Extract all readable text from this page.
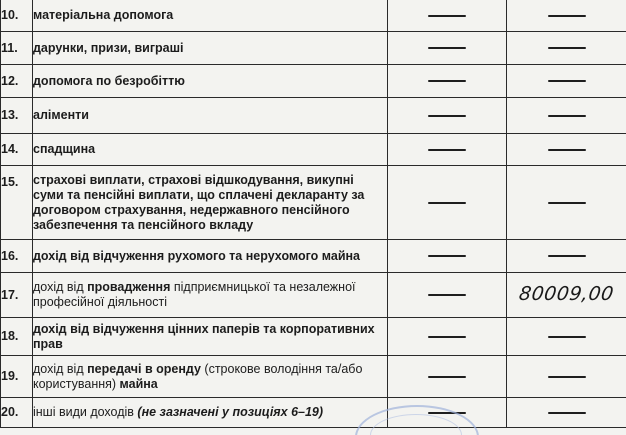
10.	матеріальна допомога		
11.	дарунки, призи, виграші		
12.	допомога по безробіттю		
13.	аліменти		
14.	спадщина		
15.	страхові виплати, страхові відшкодування, викупні суми та пенсійні виплати, що сплачені декларанту за договором страхування, недержавного пенсійного забезпечення та пенсійного вкладу		
16.	дохід від відчуження рухомого та нерухомого майна		
17.	дохід від провадження підприємницької та незалежної професійної діяльності		80009,00
18.	дохід від відчуження цінних паперів та корпоративних прав		
19.	дохід від передачі в оренду (строкове володіння та/або користування) майна		
20.	інші види доходів (не зазначені у позиціях 6–19)		
